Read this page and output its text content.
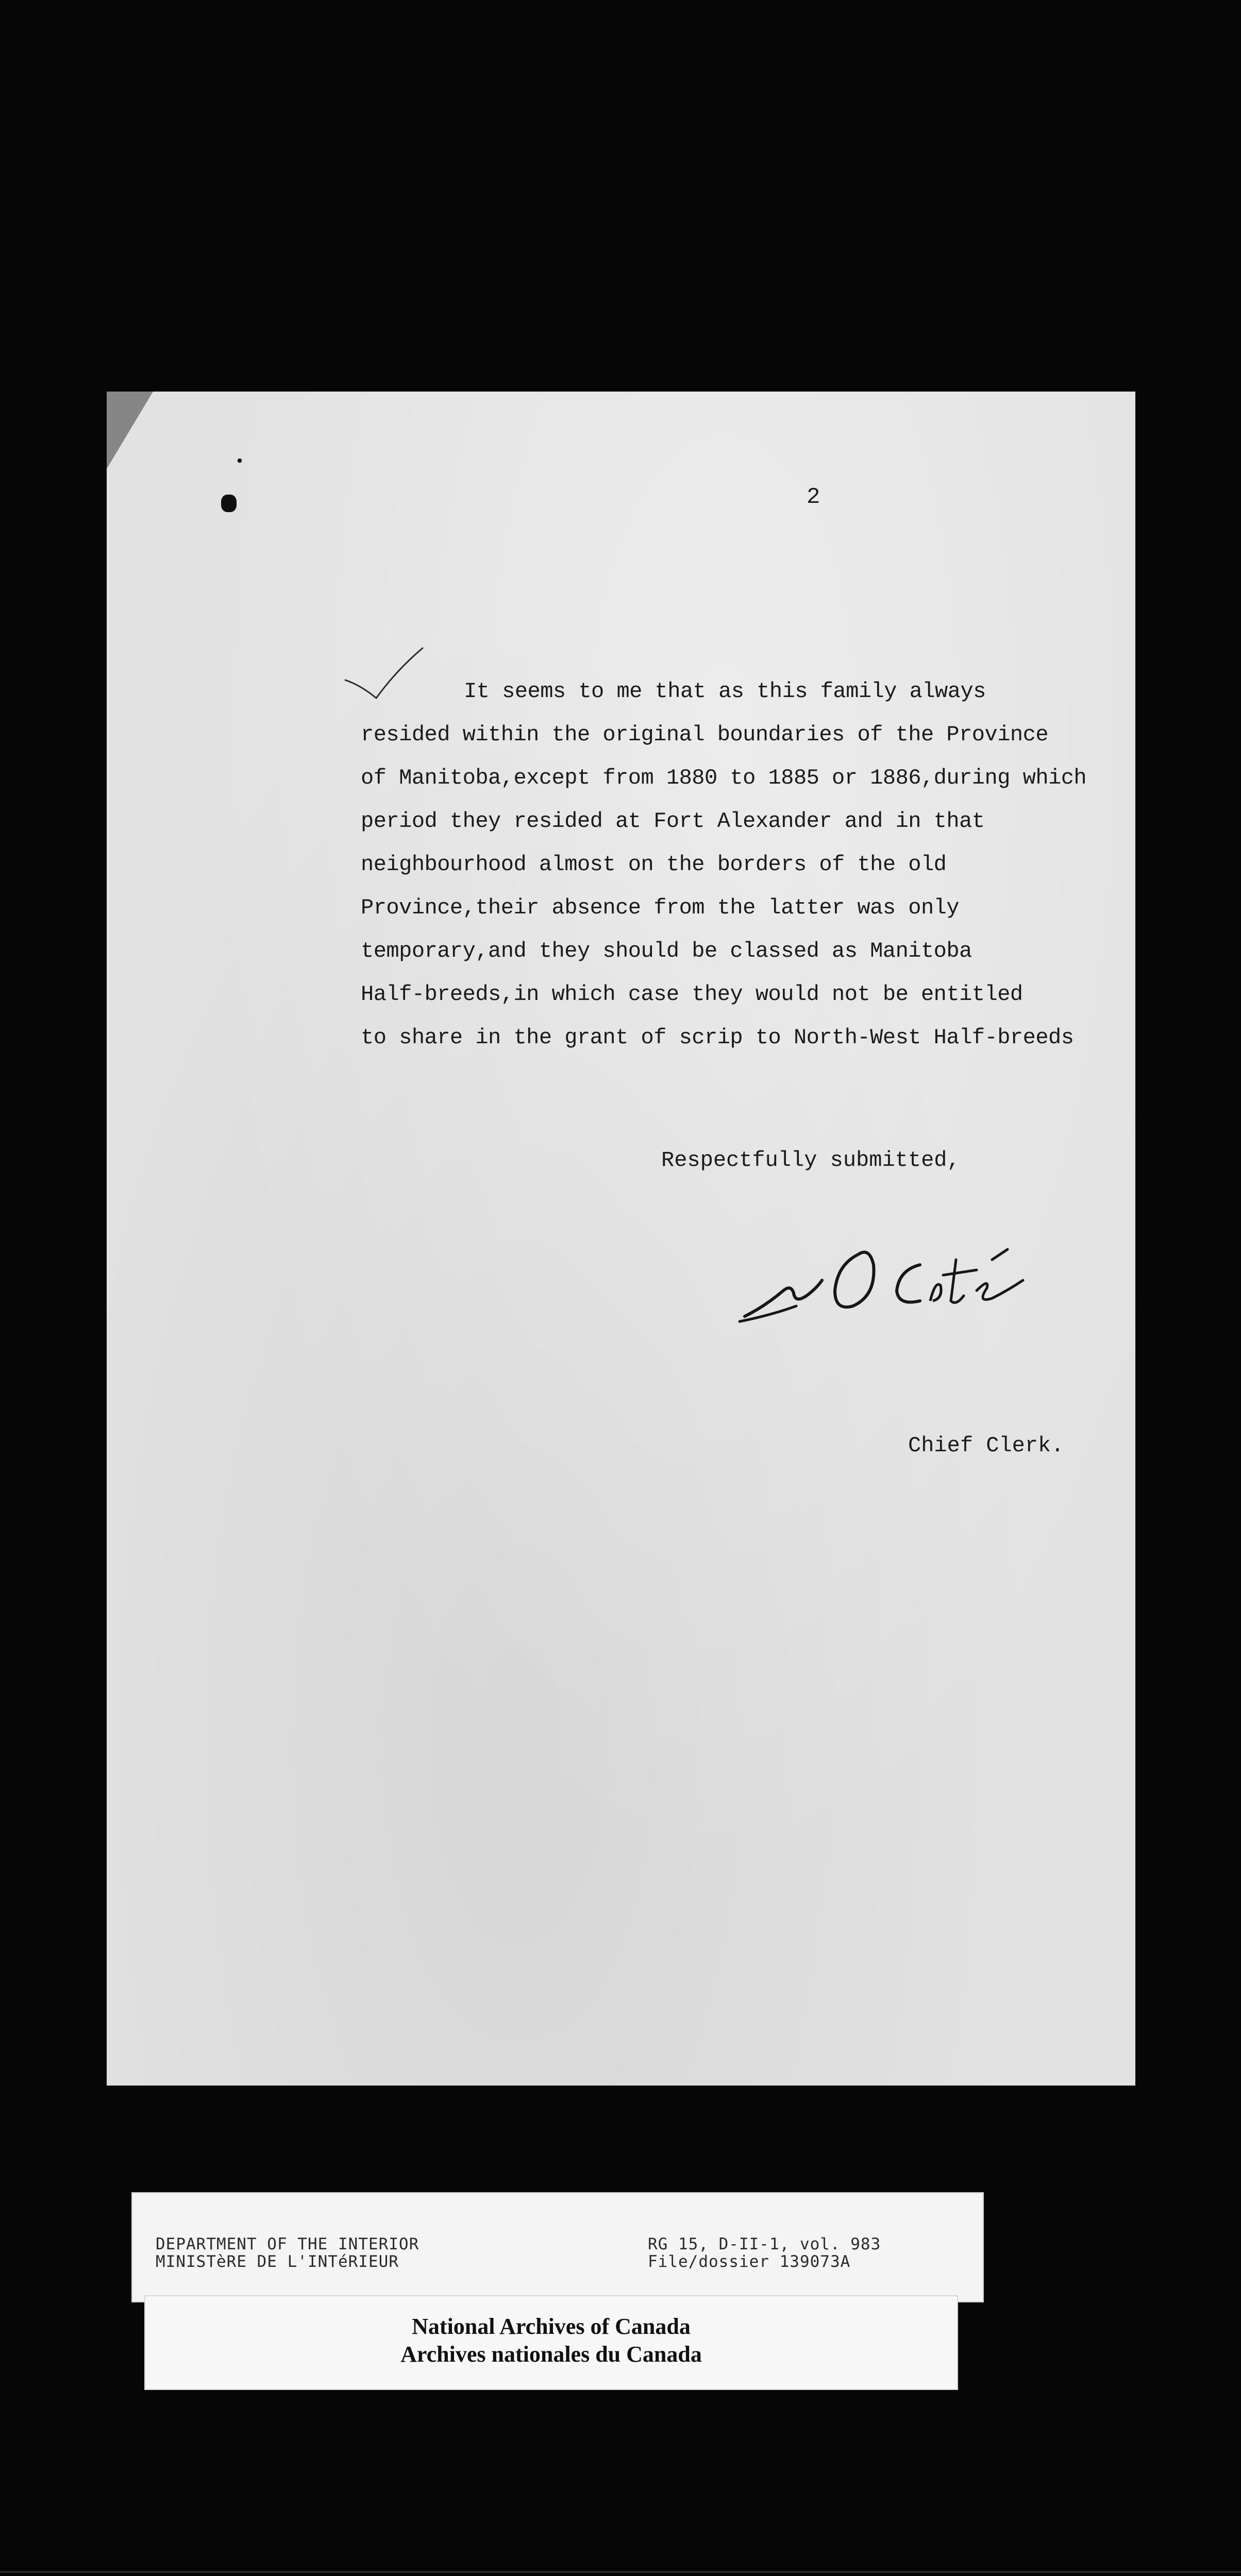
2
It seems to me that as this family always
resided within the original boundaries of the Province
of Manitoba,except from 1880 to 1885 or 1886,during which
period they resided at Fort Alexander and in that
neighbourhood almost on the borders of the old
Province,their absence from the latter was only
temporary,and they should be classed as Manitoba
Half-breeds,in which case they would not be entitled
to share in the grant of scrip to North-West Half-breeds
Respectfully submitted,
Chief Clerk.
DEPARTMENT OF THE INTERIOR
MINISTèRE DE L'INTéRIEUR
RG 15, D-II-1, vol. 983
File/dossier 139073A
National Archives of Canada
Archives nationales du Canada
